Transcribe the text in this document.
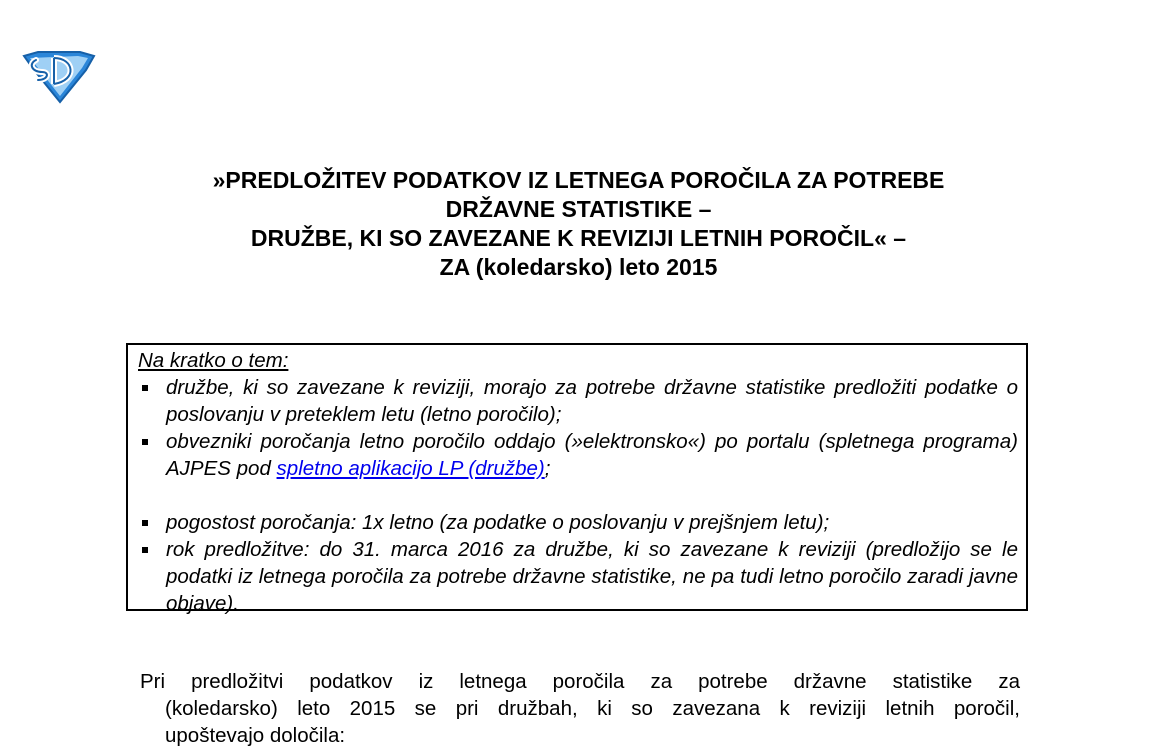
»PREDLOŽITEV PODATKOV IZ LETNEGA POROČILA ZA POTREBE
DRŽAVNE STATISTIKE –
DRUŽBE, KI SO ZAVEZANE K REVIZIJI LETNIH POROČIL« –
ZA (koledarsko) leto 2015
Na kratko o tem:
družbe, ki so zavezane k reviziji, morajo za potrebe državne statistike predložiti podatke o poslovanju v preteklem letu (letno poročilo);
obvezniki poročanja letno poročilo oddajo (»elektronsko«) po portalu (spletnega programa) AJPES pod spletno aplikacijo LP (družbe);
pogostost poročanja: 1x letno (za podatke o poslovanju v prejšnjem letu);
rok predložitve: do 31. marca 2016 za družbe, ki so zavezane k reviziji (predložijo se le podatki iz letnega poročila za potrebe državne statistike, ne pa tudi letno poročilo zaradi javne objave).
Pri predložitvi podatkov iz letnega poročila za potrebe državne statistike za
(koledarsko) leto 2015 se pri družbah, ki so zavezana k reviziji letnih poročil,
upoštevajo določila:
